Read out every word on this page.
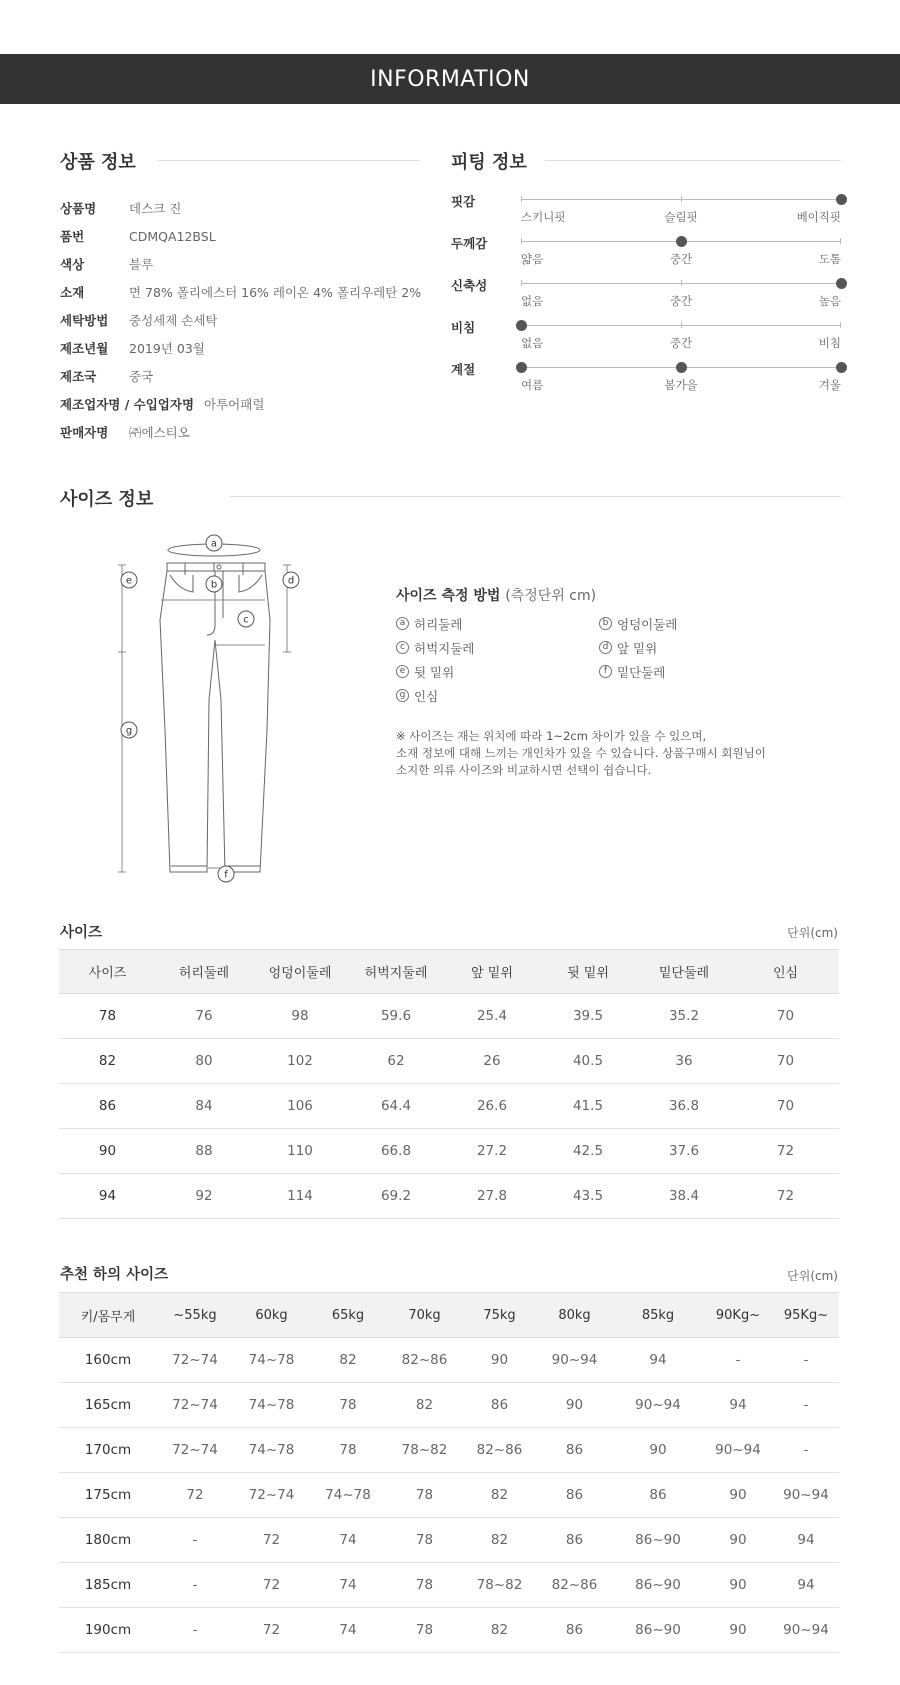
INFORMATION
상품 정보
상품명	데스크 진
품번	CDMQA12BSL
색상	블루
소재	면 78% 폴리에스터 16% 레이온 4% 폴리우레탄 2%
세탁방법	중성세제 손세탁
제조년월	2019년 03월
제조국	중국
제조업자명 / 수입업자명 아투어패럴
판매자명	㈜에스티오
피팅 정보
핏감
스키니핏	슬림핏	베이직핏
두께감
얇음	중간	도톰
신축성
없음	중간	높음
비침
없음	중간	비침
계절
여름	봄가을	겨울
사이즈 정보
a
b
c
d
e
f
g
사이즈 측정 방법 (측정단위 cm)
a 허리둘레	b 엉덩이둘레
c 허벅지둘레	d 앞 밑위
e 뒷 밑위	f 밑단둘레
g 인심
※ 사이즈는 재는 위치에 따라 1~2cm 차이가 있을 수 있으며,
소재 정보에 대해 느끼는 개인차가 있을 수 있습니다. 상품구매시 회원님이
소지한 의류 사이즈와 비교하시면 선택이 쉽습니다.
사이즈	단위(cm)
사이즈	허리둘레	엉덩이둘레	허벅지둘레	앞 밑위	뒷 밑위	밑단둘레	인심
78	76	98	59.6	25.4	39.5	35.2	70
82	80	102	62	26	40.5	36	70
86	84	106	64.4	26.6	41.5	36.8	70
90	88	110	66.8	27.2	42.5	37.6	72
94	92	114	69.2	27.8	43.5	38.4	72
추천 하의 사이즈	단위(cm)
키/몸무게	~55kg	60kg	65kg	70kg	75kg	80kg	85kg	90Kg~	95Kg~
160cm	72~74	74~78	82	82~86	90	90~94	94	-	-
165cm	72~74	74~78	78	82	86	90	90~94	94	-
170cm	72~74	74~78	78	78~82	82~86	86	90	90~94	-
175cm	72	72~74	74~78	78	82	86	86	90	90~94
180cm	-	72	74	78	82	86	86~90	90	94
185cm	-	72	74	78	78~82	82~86	86~90	90	94
190cm	-	72	74	78	82	86	86~90	90	90~94
